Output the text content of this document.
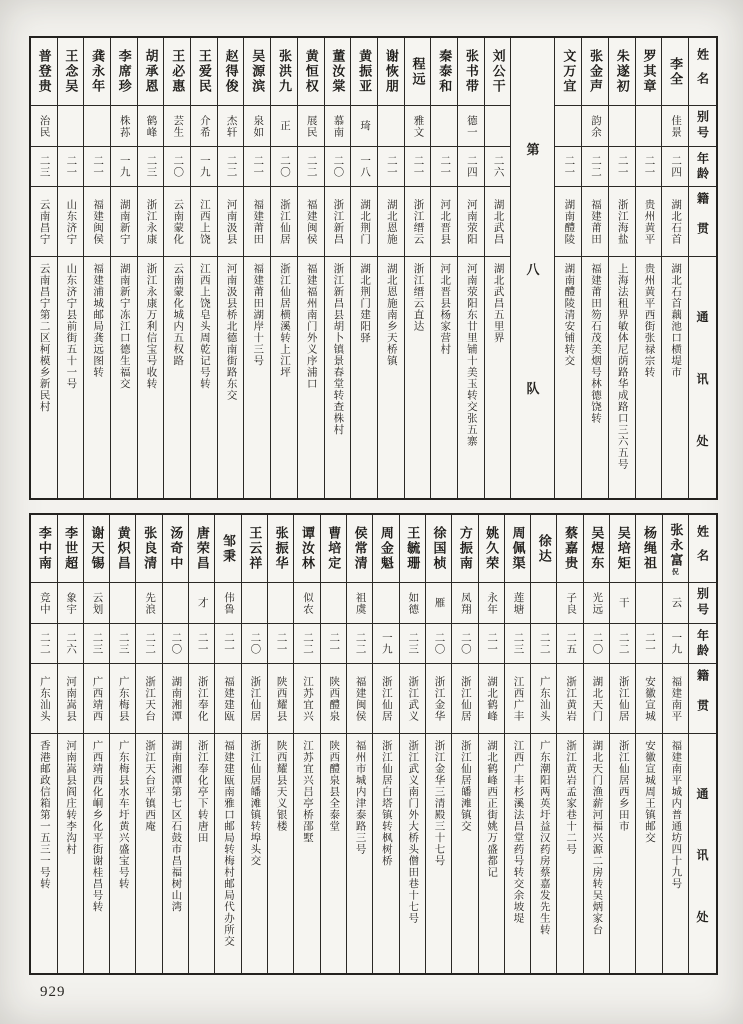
姓名
别号
年龄
籍贯
通
讯
处
李全
佳景
二四
湖北石首
湖北石首藕池口横堤市
罗其章
二一
贵州黄平
贵州黄平西街张禄宗转
朱遂初
二一
浙江海盐
上海法租界敏体尼荫路华成路口三六五号
张金声
韵余
二二
福建莆田
福建莆田笏石茂美烟号林德饶转
文万宜
二一
湖南醴陵
湖南醴陵清安铺转交
第
八
队
刘公干
二六
湖北武昌
湖北武昌五里界
张书带
德一
二四
河南荥阳
河南荥阳东廿里铺十美玉转交张五寨
秦泰和
二一
河北晋县
河北晋县杨家营村
程远
雅文
二一
浙江缙云
浙江缙云直达
谢恢朋
二一
湖北恩施
湖北恩施南乡天桥镇
黄振亚
琦
一八
湖北荆门
湖北荆门建阳驿
董汝棠
慕南
二〇
浙江新昌
浙江新昌县胡卜镇景春堂转查株村
黄恒权
展民
二二
福建闽侯
福建福州南门外义序浦口
张洪九
正
二〇
浙江仙居
浙江仙居横溪转上江坪
吴源滨
泉如
二一
福建莆田
福建莆田湖岸十三号
赵得俊
杰轩
二二
河南汲县
河南汲县桥北德南街路东交
王爱民
介希
一九
江西上饶
江西上饶皂头周乾记号转
王必惠
芸生
二〇
云南蒙化
云南蒙化城内五权路
胡承恩
鹤峰
二三
浙江永康
浙江永康万利信宝号收转
李席珍
株荪
一九
湖南新宁
湖南新宁冻江口德生福交
龚永年
二一
福建闽侯
福建浦城邮局龚远图转
王念吴
二一
山东济宁
山东济宁县前街五十一号
普登贵
治民
二三
云南昌宁
云南昌宁第二区柯模乡新民村
姓名
别号
年龄
籍贯
通
讯
处
张永富㑆
云
一九
福建南平
福建南平城内普通坊四十九号
杨绳祖
二一
安徽宣城
安徽宣城周王镇邮交
吴培矩
干
二二
浙江仙居
浙江仙居西乡田市
吴煜东
光远
二〇
湖北天门
湖北天门渔薪河福兴源二房转吴炳家台
蔡嘉贵
子良
二五
浙江黄岩
浙江黄岩孟家巷十二号
徐达
二二
广东汕头
广东潮阳两英圩益汉药房蔡嘉发先生转
周佩渠
莲塘
二三
江西广丰
江西广丰杉溪法昌堂药号转交余坡堤
姚久荣
永年
二一
湖北鹤峰
湖北鹤峰西正街姚万盛都记
方振南
凤翔
二〇
浙江仙居
浙江仙居皤滩镇交
徐国桢
雁
二〇
浙江金华
浙江金华三清殿三十七号
王毓珊
如德
二三
浙江武义
浙江武义南门外大桥头僧田巷十七号
周金魁
一九
浙江仙居
浙江仙居白塔镇转枫树桥
侯常清
祖虞
二二
福建闽侯
福州市城内津泰路三号
曹培定
二一
陕西醴泉
陕西醴泉县全泰堂
谭汝林
似农
二二
江苏宜兴
江苏宜兴吕亭桥邵墅
张振华
二一
陕西耀县
陕西耀县天义银楼
王云祥
二〇
浙江仙居
浙江仙居皤滩镇转埠头交
邹秉
伟鲁
二一
福建建瓯
福建建瓯南雅口邮局转梅村邮局代办所交
唐荣昌
才
二一
浙江奉化
浙江奉化亭下转唐田
汤奇中
二〇
湖南湘潭
湖南湘潭第七区石鼓市昌福树山湾
张良清
先浪
二二
浙江天台
浙江天台平镇西庵
黄炽昌
二三
广东梅县
广东梅县水车圩黄兴盛宝号转
谢天锡
云划
二三
广西靖西
广西靖西化峒乡化平街谢桂昌号转
李世超
象宇
二六
河南嵩县
河南嵩县阎庄转李沟村
李中南
竞中
二二
广东汕头
香港邮政信箱第一五三一号转
929
